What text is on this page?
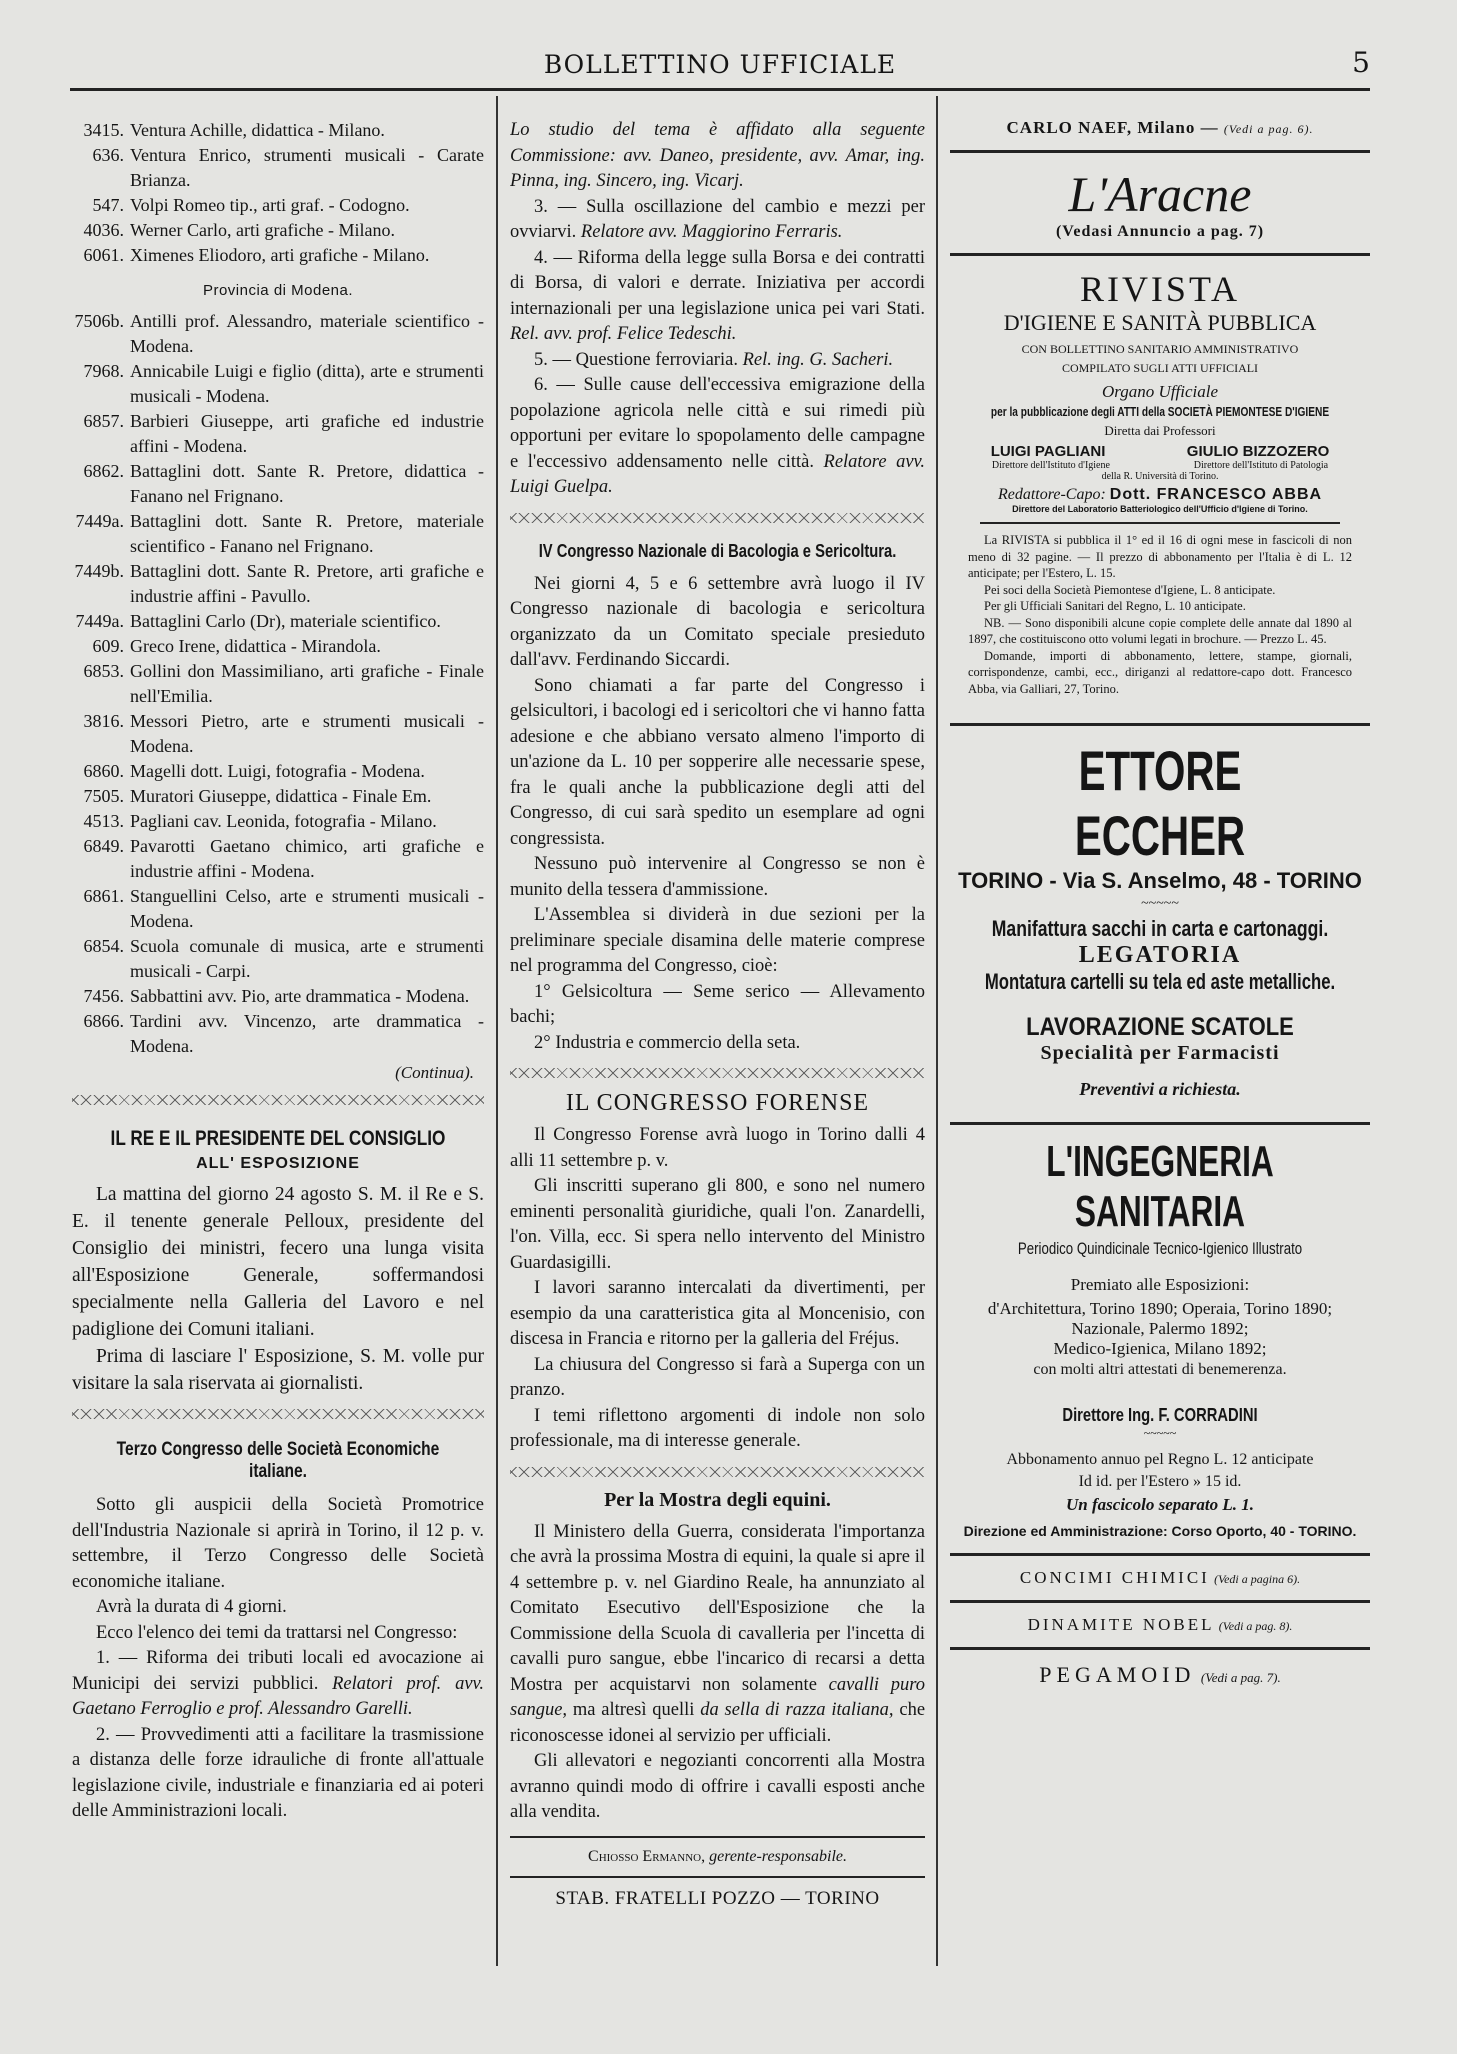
BOLLETTINO UFFICIALE	5

3415. Ventura Achille, didattica - Milano.

636. Ventura Enrico, strumenti musicali - Carate Brianza.

547. Volpi Romeo tip., arti graf. - Codogno.

4036. Werner Carlo, arti grafiche - Milano.

6061. Ximenes Eliodoro, arti grafiche - Milano.

Provincia di Modena.

7506b. Antilli prof. Alessandro, materiale scientifico - Modena.

7968. Annicabile Luigi e figlio (ditta), arte e strumenti musicali - Modena.

6857. Barbieri Giuseppe, arti grafiche ed industrie affini - Modena.

6862. Battaglini dott. Sante R. Pretore, didattica - Fanano nel Frignano.

7449a. Battaglini dott. Sante R. Pretore, materiale scientifico - Fanano nel Frignano.

7449b. Battaglini dott. Sante R. Pretore, arti grafiche e industrie affini - Pavullo.

7449a. Battaglini Carlo (Dr), materiale scientifico.

609. Greco Irene, didattica - Mirandola.

6853. Gollini don Massimiliano, arti grafiche - Finale nell'Emilia.

3816. Messori Pietro, arte e strumenti musicali - Modena.

6860. Magelli dott. Luigi, fotografia - Modena.

7505. Muratori Giuseppe, didattica - Finale Em.

4513. Pagliani cav. Leonida, fotografia - Milano.

6849. Pavarotti Gaetano chimico, arti grafiche e industrie affini - Modena.

6861. Stanguellini Celso, arte e strumenti musicali - Modena.

6854. Scuola comunale di musica, arte e strumenti musicali - Carpi.

7456. Sabbattini avv. Pio, arte drammatica - Modena.

6866. Tardini avv. Vincenzo, arte drammatica - Modena.

(Continua).
IL RE E IL PRESIDENTE DEL CONSIGLIO
ALL' ESPOSIZIONE

La mattina del giorno 24 agosto S. M. il Re e S. E. il tenente generale Pelloux, presidente del Consiglio dei ministri, fecero una lunga visita all'Esposizione Generale, soffermandosi specialmente nella Galleria del Lavoro e nel padiglione dei Comuni italiani.

Prima di lasciare l' Esposizione, S. M. volle pur visitare la sala riservata ai giornalisti.

Terzo Congresso delle Società Economiche italiane.

Sotto gli auspicii della Società Promotrice dell'Industria Nazionale si aprirà in Torino, il 12 p. v. settembre, il Terzo Congresso delle Società economiche italiane.

Avrà la durata di 4 giorni.

Ecco l'elenco dei temi da trattarsi nel Congresso:

1. — Riforma dei tributi locali ed avocazione ai Municipi dei servizi pubblici. Relatori prof. avv. Gaetano Ferroglio e prof. Alessandro Garelli.

2. — Provvedimenti atti a facilitare la trasmissione a distanza delle forze idrauliche di fronte all'attuale legislazione civile, industriale e finanziaria ed ai poteri delle Amministrazioni locali.

Lo studio del tema è affidato alla seguente Commissione: avv. Daneo, presidente, avv. Amar, ing. Pinna, ing. Sincero, ing. Vicarj.

3. — Sulla oscillazione del cambio e mezzi per ovviarvi. Relatore avv. Maggiorino Ferraris.

4. — Riforma della legge sulla Borsa e dei contratti di Borsa, di valori e derrate. Iniziativa per accordi internazionali per una legislazione unica pei vari Stati. Rel. avv. prof. Felice Tedeschi.

5. — Questione ferroviaria. Rel. ing. G. Sacheri.

6. — Sulle cause dell'eccessiva emigrazione della popolazione agricola nelle città e sui rimedi più opportuni per evitare lo spopolamento delle campagne e l'eccessivo addensamento nelle città. Relatore avv. Luigi Guelpa.

IV Congresso Nazionale di Bacologia e Sericoltura.

Nei giorni 4, 5 e 6 settembre avrà luogo il IV Congresso nazionale di bacologia e sericoltura organizzato da un Comitato speciale presieduto dall'avv. Ferdinando Siccardi.

Sono chiamati a far parte del Congresso i gelsicultori, i bacologi ed i sericoltori che vi hanno fatta adesione e che abbiano versato almeno l'importo di un'azione da L. 10 per sopperire alle necessarie spese, fra le quali anche la pubblicazione degli atti del Congresso, di cui sarà spedito un esemplare ad ogni congressista.

Nessuno può intervenire al Congresso se non è munito della tessera d'ammissione.

L'Assemblea si dividerà in due sezioni per la preliminare speciale disamina delle materie comprese nel programma del Congresso, cioè:

1° Gelsicoltura — Seme serico — Allevamento bachi;

2° Industria e commercio della seta.

IL CONGRESSO FORENSE

Il Congresso Forense avrà luogo in Torino dalli 4 alli 11 settembre p. v.

Gli inscritti superano gli 800, e sono nel numero eminenti personalità giuridiche, quali l'on. Zanardelli, l'on. Villa, ecc. Si spera nello intervento del Ministro Guardasigilli.

I lavori saranno intercalati da divertimenti, per esempio da una caratteristica gita al Moncenisio, con discesa in Francia e ritorno per la galleria del Fréjus.

La chiusura del Congresso si farà a Superga con un pranzo.

I temi riflettono argomenti di indole non solo professionale, ma di interesse generale.

Per la Mostra degli equini.

Il Ministero della Guerra, considerata l'importanza che avrà la prossima Mostra di equini, la quale si apre il 4 settembre p. v. nel Giardino Reale, ha annunziato al Comitato Esecutivo dell'Esposizione che la Commissione della Scuola di cavalleria per l'incetta di cavalli puro sangue, ebbe l'incarico di recarsi a detta Mostra per acquistarvi non solamente cavalli puro sangue, ma altresì quelli da sella di razza italiana, che riconoscesse idonei al servizio per ufficiali.

Gli allevatori e negozianti concorrenti alla Mostra avranno quindi modo di offrire i cavalli esposti anche alla vendita.

Chiosso Ermanno, gerente-responsabile.
STAB. FRATELLI POZZO — TORINO
CARLO NAEF, Milano — (Vedi a pag. 6).
L'Aracne
(Vedasi Annuncio a pag. 7)
RIVISTA
D'IGIENE E SANITÀ PUBBLICA
CON BOLLETTINO SANITARIO AMMINISTRATIVO
COMPILATO SUGLI ATTI UFFICIALI
Organo Ufficiale
per la pubblicazione degli ATTI della SOCIETÀ PIEMONTESE D'IGIENE
Diretta dai Professori
LUIGI PAGLIANI	GIULIO BIZZOZERO
Direttore dell'Istituto d'Igiene	Direttore dell'Istituto di Patologia
della R. Università di Torino.
Redattore-Capo: Dott. FRANCESCO ABBA
Direttore del Laboratorio Batteriologico dell'Ufficio d'Igiene di Torino.
La RIVISTA si pubblica il 1° ed il 16 di ogni mese in fascicoli di non meno di 32 pagine. — Il prezzo di abbonamento per l'Italia è di L. 12 anticipate; per l'Estero, L. 15.
Pei soci della Società Piemontese d'Igiene, L. 8 anticipate.
Per gli Ufficiali Sanitari del Regno, L. 10 anticipate.
NB. — Sono disponibili alcune copie complete delle annate dal 1890 al 1897, che costituiscono otto volumi legati in brochure. — Prezzo L. 45.
Domande, importi di abbonamento, lettere, stampe, giornali, corrispondenze, cambi, ecc., diriganzi al redattore-capo dott. Francesco Abba, via Galliari, 27, Torino.
ETTORE ECCHER
TORINO - Via S. Anselmo, 48 - TORINO
~~~~~
Manifattura sacchi in carta e cartonaggi.
LEGATORIA
Montatura cartelli su tela ed aste metalliche.
LAVORAZIONE SCATOLE
Specialità per Farmacisti
Preventivi a richiesta.
L'INGEGNERIA SANITARIA
Periodico Quindicinale Tecnico-Igienico Illustrato
Premiato alle Esposizioni:
d'Architettura, Torino 1890; Operaia, Torino 1890;
Nazionale, Palermo 1892;
Medico-Igienica, Milano 1892;
con molti altri attestati di benemerenza.
Direttore Ing. F. CORRADINI
~~~~~
Abbonamento annuo pel Regno L. 12 anticipate
Id id. per l'Estero » 15 id.
Un fascicolo separato L. 1.
Direzione ed Amministrazione: Corso Oporto, 40 - TORINO.
CONCIMI CHIMICI (Vedi a pagina 6).
DINAMITE NOBEL (Vedi a pag. 8).
PEGAMOID (Vedi a pag. 7).
